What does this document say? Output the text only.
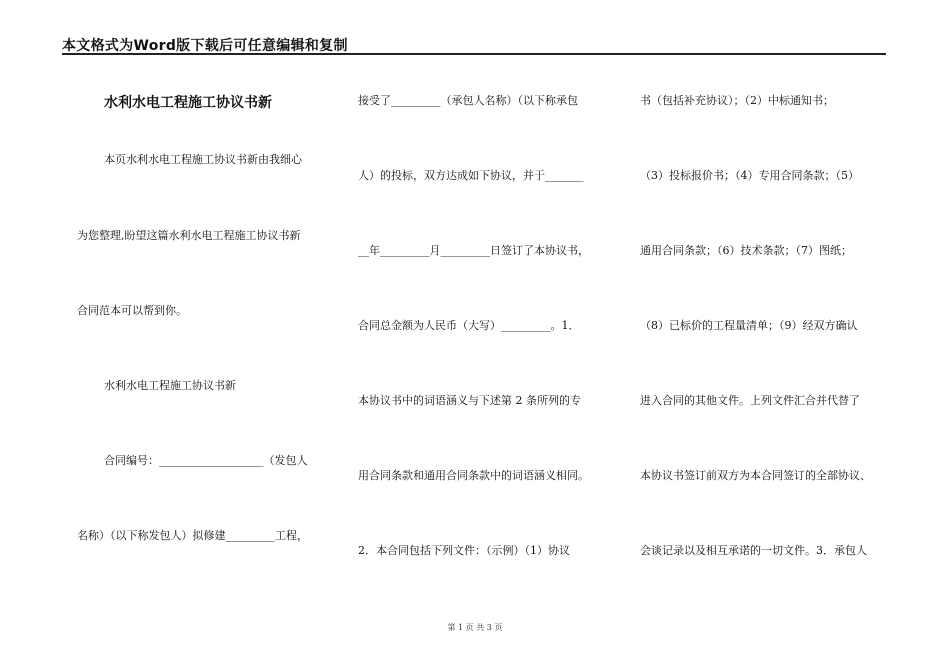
本文格式为Word版下载后可任意编辑和复制
水利水电工程施工协议书新
本页水利水电工程施工协议书新由我细心
为您整理,盼望这篇水利水电工程施工协议书新
合同范本可以帮到你。
水利水电工程施工协议书新
合同编号：___________________（发包人
名称）（以下称发包人）拟修建_________工程，
接受了_________（承包人名称）（以下称承包
人）的投标，双方达成如下协议，并于_______
__年_________月_________日签订了本协议书，
合同总金额为人民币（大写）_________。1．
本协议书中的词语涵义与下述第 2 条所列的专
用合同条款和通用合同条款中的词语涵义相同。
2．本合同包括下列文件：（示例）（1）协议
书（包括补充协议）；（2）中标通知书；
（3）投标报价书；（4）专用合同条款；（5）
通用合同条款；（6）技术条款；（7）图纸；
（8）已标价的工程量清单；（9）经双方确认
进入合同的其他文件。上列文件汇合并代替了
本协议书签订前双方为本合同签订的全部协议、
会谈记录以及相互承诺的一切文件。3．承包人
第 1 页 共 3 页
